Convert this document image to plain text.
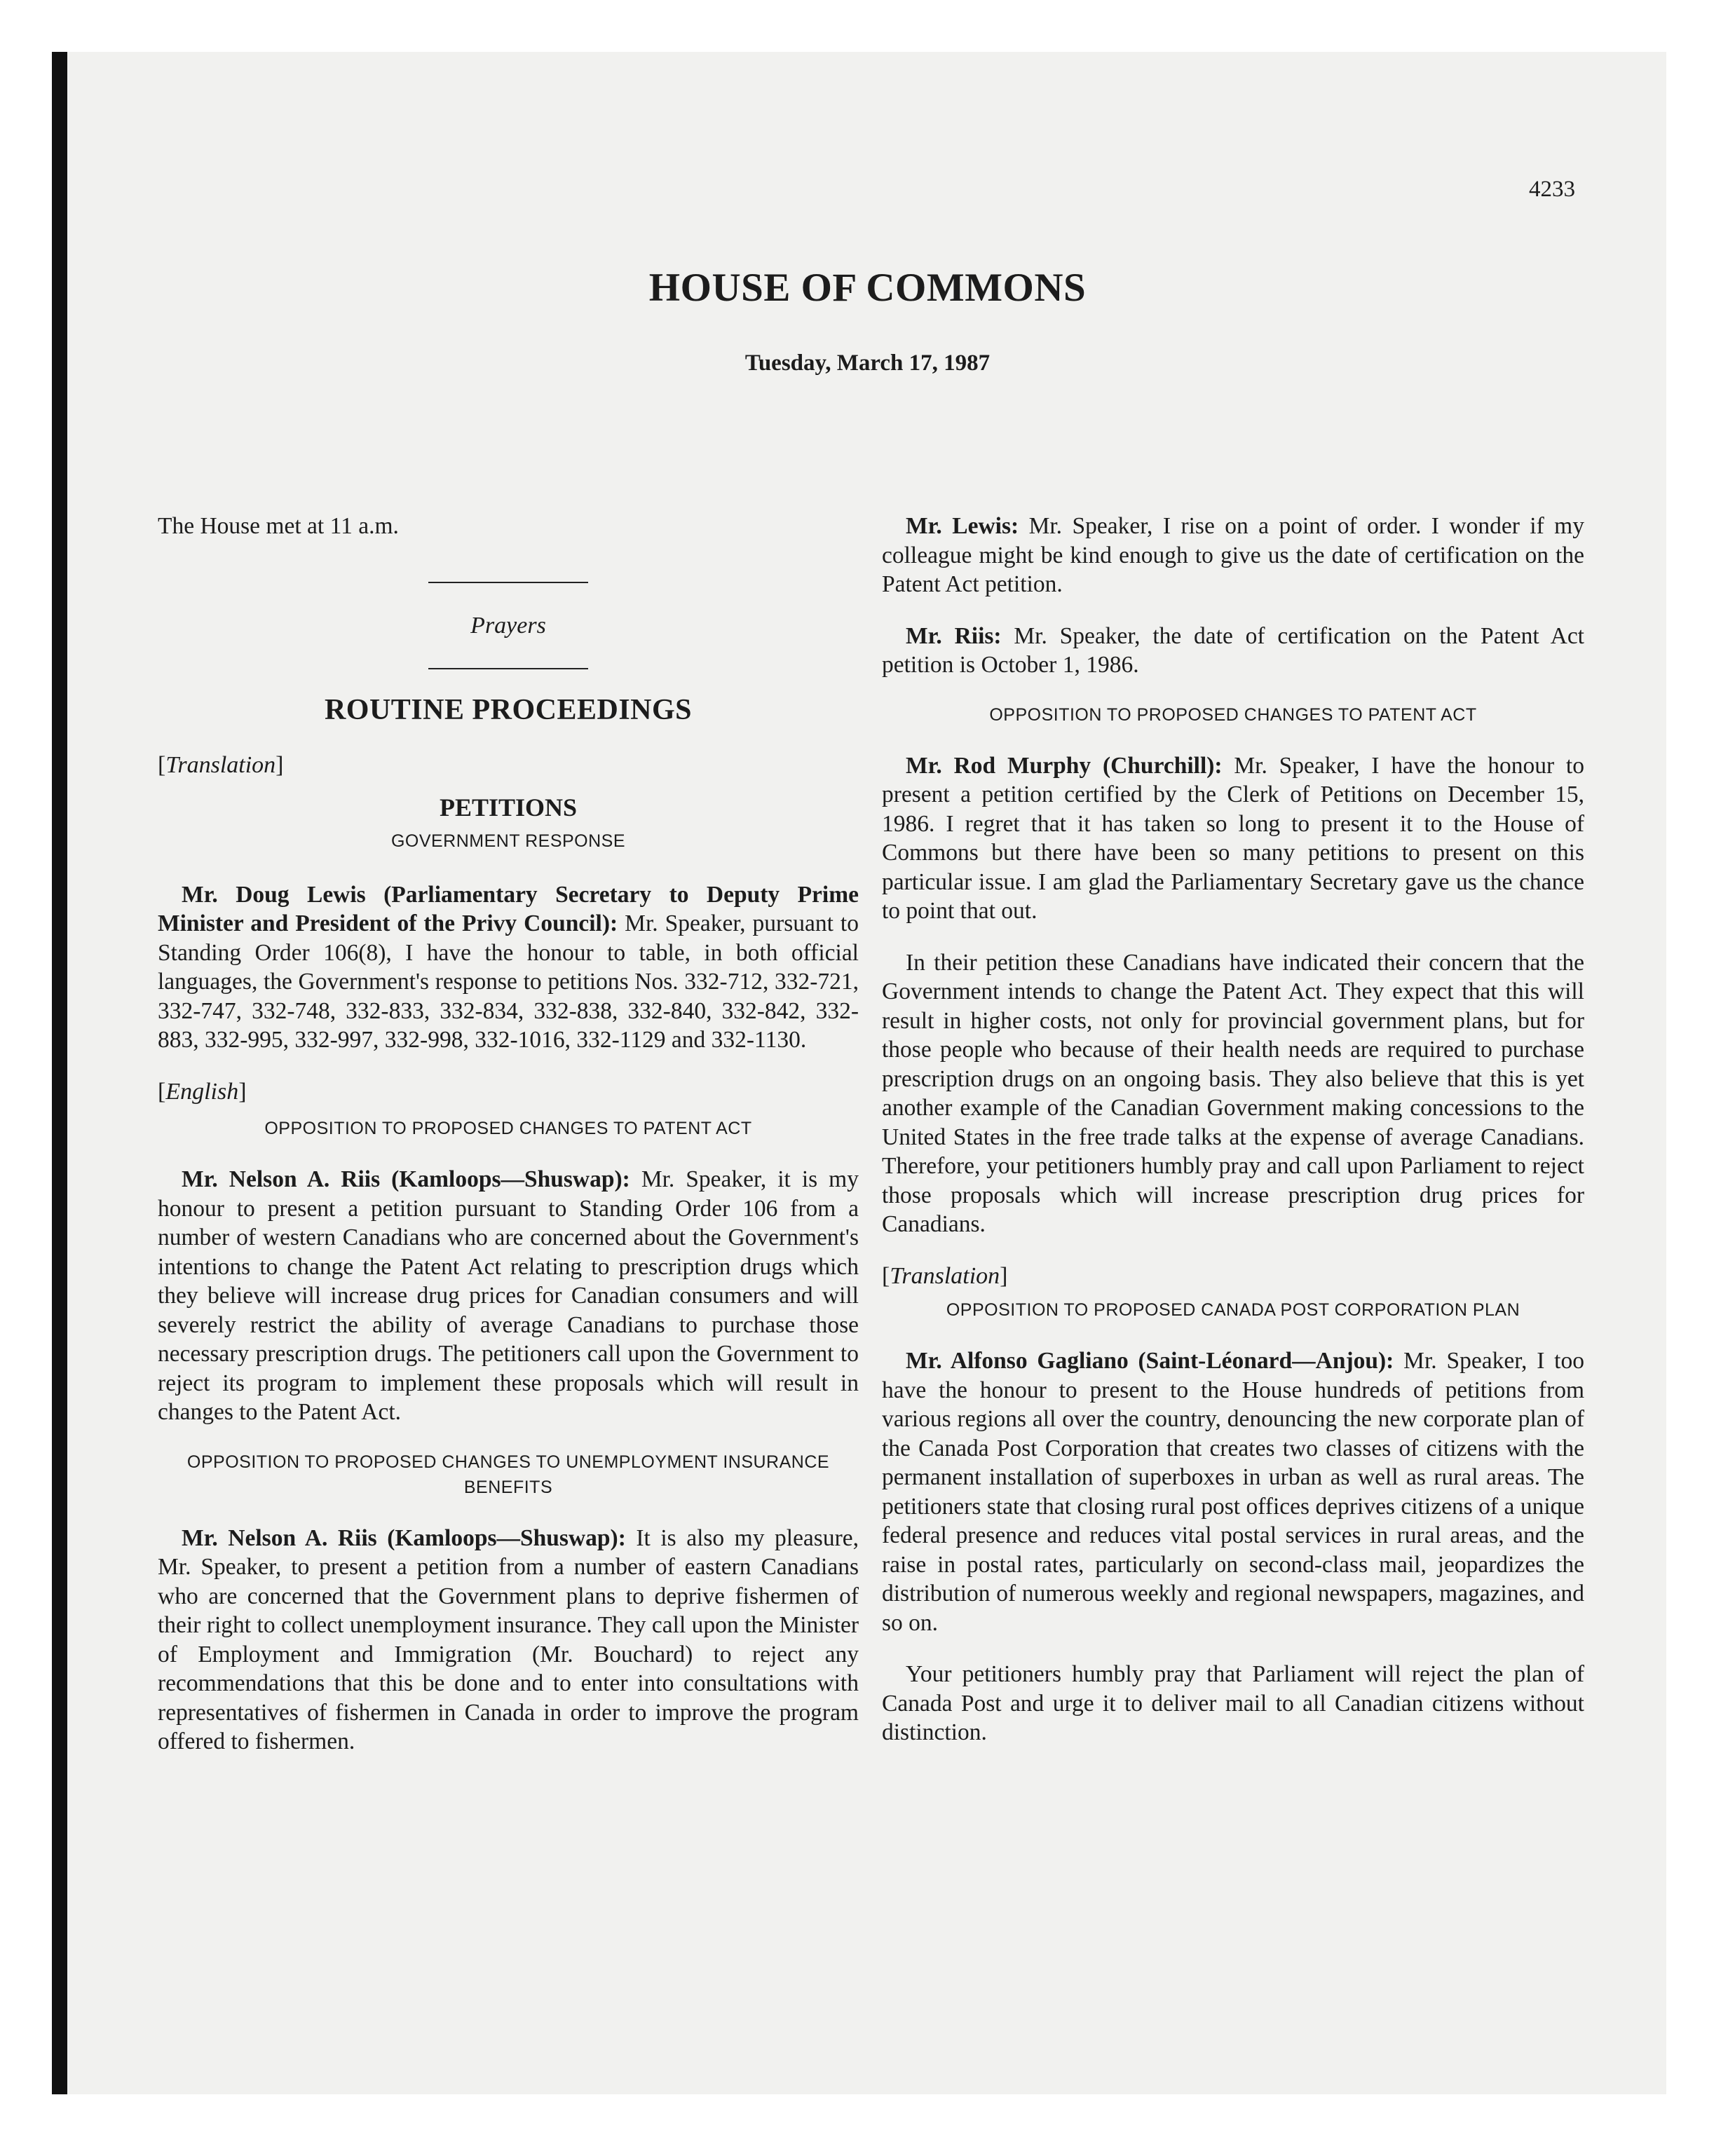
4233
HOUSE OF COMMONS
Tuesday, March 17, 1987

The House met at 11 a.m.

Prayers
ROUTINE PROCEEDINGS
[Translation]
PETITIONS
GOVERNMENT RESPONSE

Mr. Doug Lewis (Parliamentary Secretary to Deputy Prime Minister and President of the Privy Council): Mr. Speaker, pursuant to Standing Order 106(8), I have the honour to table, in both official languages, the Government's response to petitions Nos. 332-712, 332-721, 332-747, 332-748, 332-833, 332-834, 332-838, 332-840, 332-842, 332-883, 332-995, 332-997, 332-998, 332-1016, 332-1129 and 332-1130.

[English]
OPPOSITION TO PROPOSED CHANGES TO PATENT ACT

Mr. Nelson A. Riis (Kamloops—Shuswap): Mr. Speaker, it is my honour to present a petition pursuant to Standing Order 106 from a number of western Canadians who are concerned about the Government's intentions to change the Patent Act relating to prescription drugs which they believe will increase drug prices for Canadian consumers and will severely restrict the ability of average Canadians to purchase those necessary prescription drugs. The petitioners call upon the Government to reject its program to implement these proposals which will result in changes to the Patent Act.

OPPOSITION TO PROPOSED CHANGES TO UNEMPLOYMENT INSURANCE BENEFITS

Mr. Nelson A. Riis (Kamloops—Shuswap): It is also my pleasure, Mr. Speaker, to present a petition from a number of eastern Canadians who are concerned that the Government plans to deprive fishermen of their right to collect unemployment insurance. They call upon the Minister of Employment and Immigration (Mr. Bouchard) to reject any recommendations that this be done and to enter into consultations with representatives of fishermen in Canada in order to improve the program offered to fishermen.

Mr. Lewis: Mr. Speaker, I rise on a point of order. I wonder if my colleague might be kind enough to give us the date of certification on the Patent Act petition.

Mr. Riis: Mr. Speaker, the date of certification on the Patent Act petition is October 1, 1986.

OPPOSITION TO PROPOSED CHANGES TO PATENT ACT

Mr. Rod Murphy (Churchill): Mr. Speaker, I have the honour to present a petition certified by the Clerk of Petitions on December 15, 1986. I regret that it has taken so long to present it to the House of Commons but there have been so many petitions to present on this particular issue. I am glad the Parliamentary Secretary gave us the chance to point that out.

In their petition these Canadians have indicated their concern that the Government intends to change the Patent Act. They expect that this will result in higher costs, not only for provincial government plans, but for those people who because of their health needs are required to purchase prescription drugs on an ongoing basis. They also believe that this is yet another example of the Canadian Government making concessions to the United States in the free trade talks at the expense of average Canadians. Therefore, your petitioners humbly pray and call upon Parliament to reject those proposals which will increase prescription drug prices for Canadians.

[Translation]
OPPOSITION TO PROPOSED CANADA POST CORPORATION PLAN

Mr. Alfonso Gagliano (Saint-Léonard—Anjou): Mr. Speaker, I too have the honour to present to the House hundreds of petitions from various regions all over the country, denouncing the new corporate plan of the Canada Post Corporation that creates two classes of citizens with the permanent installation of superboxes in urban as well as rural areas. The petitioners state that closing rural post offices deprives citizens of a unique federal presence and reduces vital postal services in rural areas, and the raise in postal rates, particularly on second-class mail, jeopardizes the distribution of numerous weekly and regional newspapers, magazines, and so on.

Your petitioners humbly pray that Parliament will reject the plan of Canada Post and urge it to deliver mail to all Canadian citizens without distinction.
